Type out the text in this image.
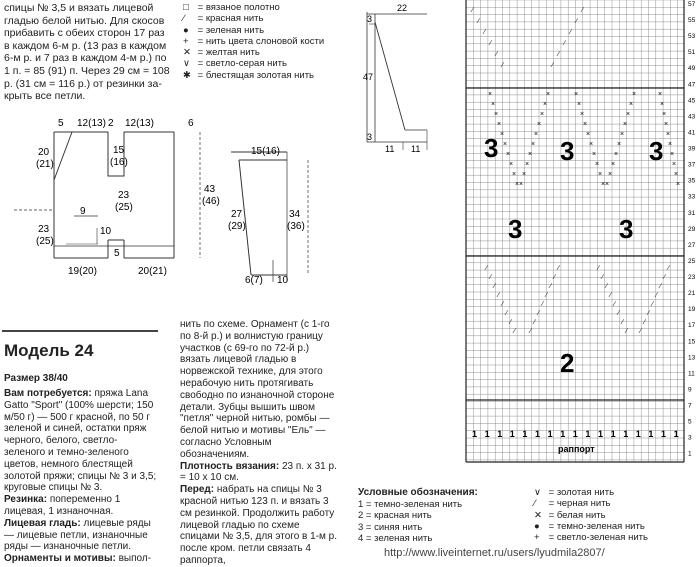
спицы № 3,5 и вязать лицевой
гладью белой нитью. Для скосов
прибавить с обеих сторон 17 раз
в каждом 6-м р. (13 раз в каждом
6-м р. и 7 раз в каждом 4-м р.) по
1 п. = 85 (91) п. Через 29 см = 108
р. (31 см = 116 р.) от резинки за-
крыть все петли.
□ = вязаное полотно
∕ = красная нить
● = зеленая нить
+ = нить цвета слоновой кости
✕ = желтая нить
∨ = светло-серая нить
✱ = блестящая золотая нить
22
3
47
3
11 11
5 12(13) 2 12(13)	6
20
(21)
15
(16)
23
(25)
9
10
23
(25)
5
19(20)	20(21)
43
(46)
15(16)
27
(29)
34
(36)
6(7) 10
Модель 24
Размер 38/40

Вам потребуется: пряжа Lana Gatto "Sport" (100% шерсти; 150 м/50 г) — 500 г красной, по 50 г зеленой и синей, остатки пряж черного, белого, светло-зеленого и темно-зеленого цветов, немного блестящей золотой пряжи; спицы № 3 и 3,5; круговые спицы № 3.

Резинка: попеременно 1 лицевая, 1 изнаночная.

Лицевая гладь: лицевые ряды — лицевые петли, изнаночные ряды — изнаночные петли.

Орнаменты и мотивы: выпол-

нить по схеме. Орнамент (с 1-го по 8-й р.) и волнистую границу участков (с 69-го по 72-й р.) вязать лицевой гладью в норвежской технике, для этого нерабочую нить протягивать свободно по изнаночной стороне детали. Зубцы вышить швом "петля" черной нитью, ромбы — белой нитью и мотивы "Ель" — согласно Условным обозначениям.

Плотность вязания: 23 п. х 31 р. = 10 х 10 см.

Перед: набрать на спицы № 3 красной нитью 123 п. и вязать 3 см резинкой. Продолжить работу лицевой гладью по схеме спицами № 3,5, для этого в 1-м р. после кром. петли связать 4 раппорта,

Условные обозначения:
1 = темно-зеленая нить
2 = красная нить
3 = синяя нить
4 = зеленая нить
∨ = золотая нить
∕ = черная нить
✕ = белая нить
● = темно-зеленая нить
+ = светло-зеленая нить
57
55
53
51
49
47
45
43
41
39
37
35
33
31
29
27
25
23
21
19
17
15
13
11
9
7
5
3
1
×	×	×	×	×
×	×	×	×	×
×	×	×	×	×
×	×	×	×	×
×	×	×	×	×
×	×	×	×	×
×	×	×	×	×
× ×	× ×	×
× ×	× ×	×
× ×	× ×	×
∕	∕	∕	∕
∕	∕	∕	∕
∕	∕	∕	∕
∕	∕	∕	∕
∕	∕	∕	∕
∕	∕	∕	∕
∕	∕	∕	∕
∕ ∕	∕ ∕
∕	∕
∕	∕
∕	∕
∕	∕
∕	∕
∕	∕
1 1 1 1 1 1 1 1 1 1 1 1 1 1 1 1 1
3 3	3
3	3
2
раппорт
http://www.liveinternet.ru/users/lyudmila2807/
